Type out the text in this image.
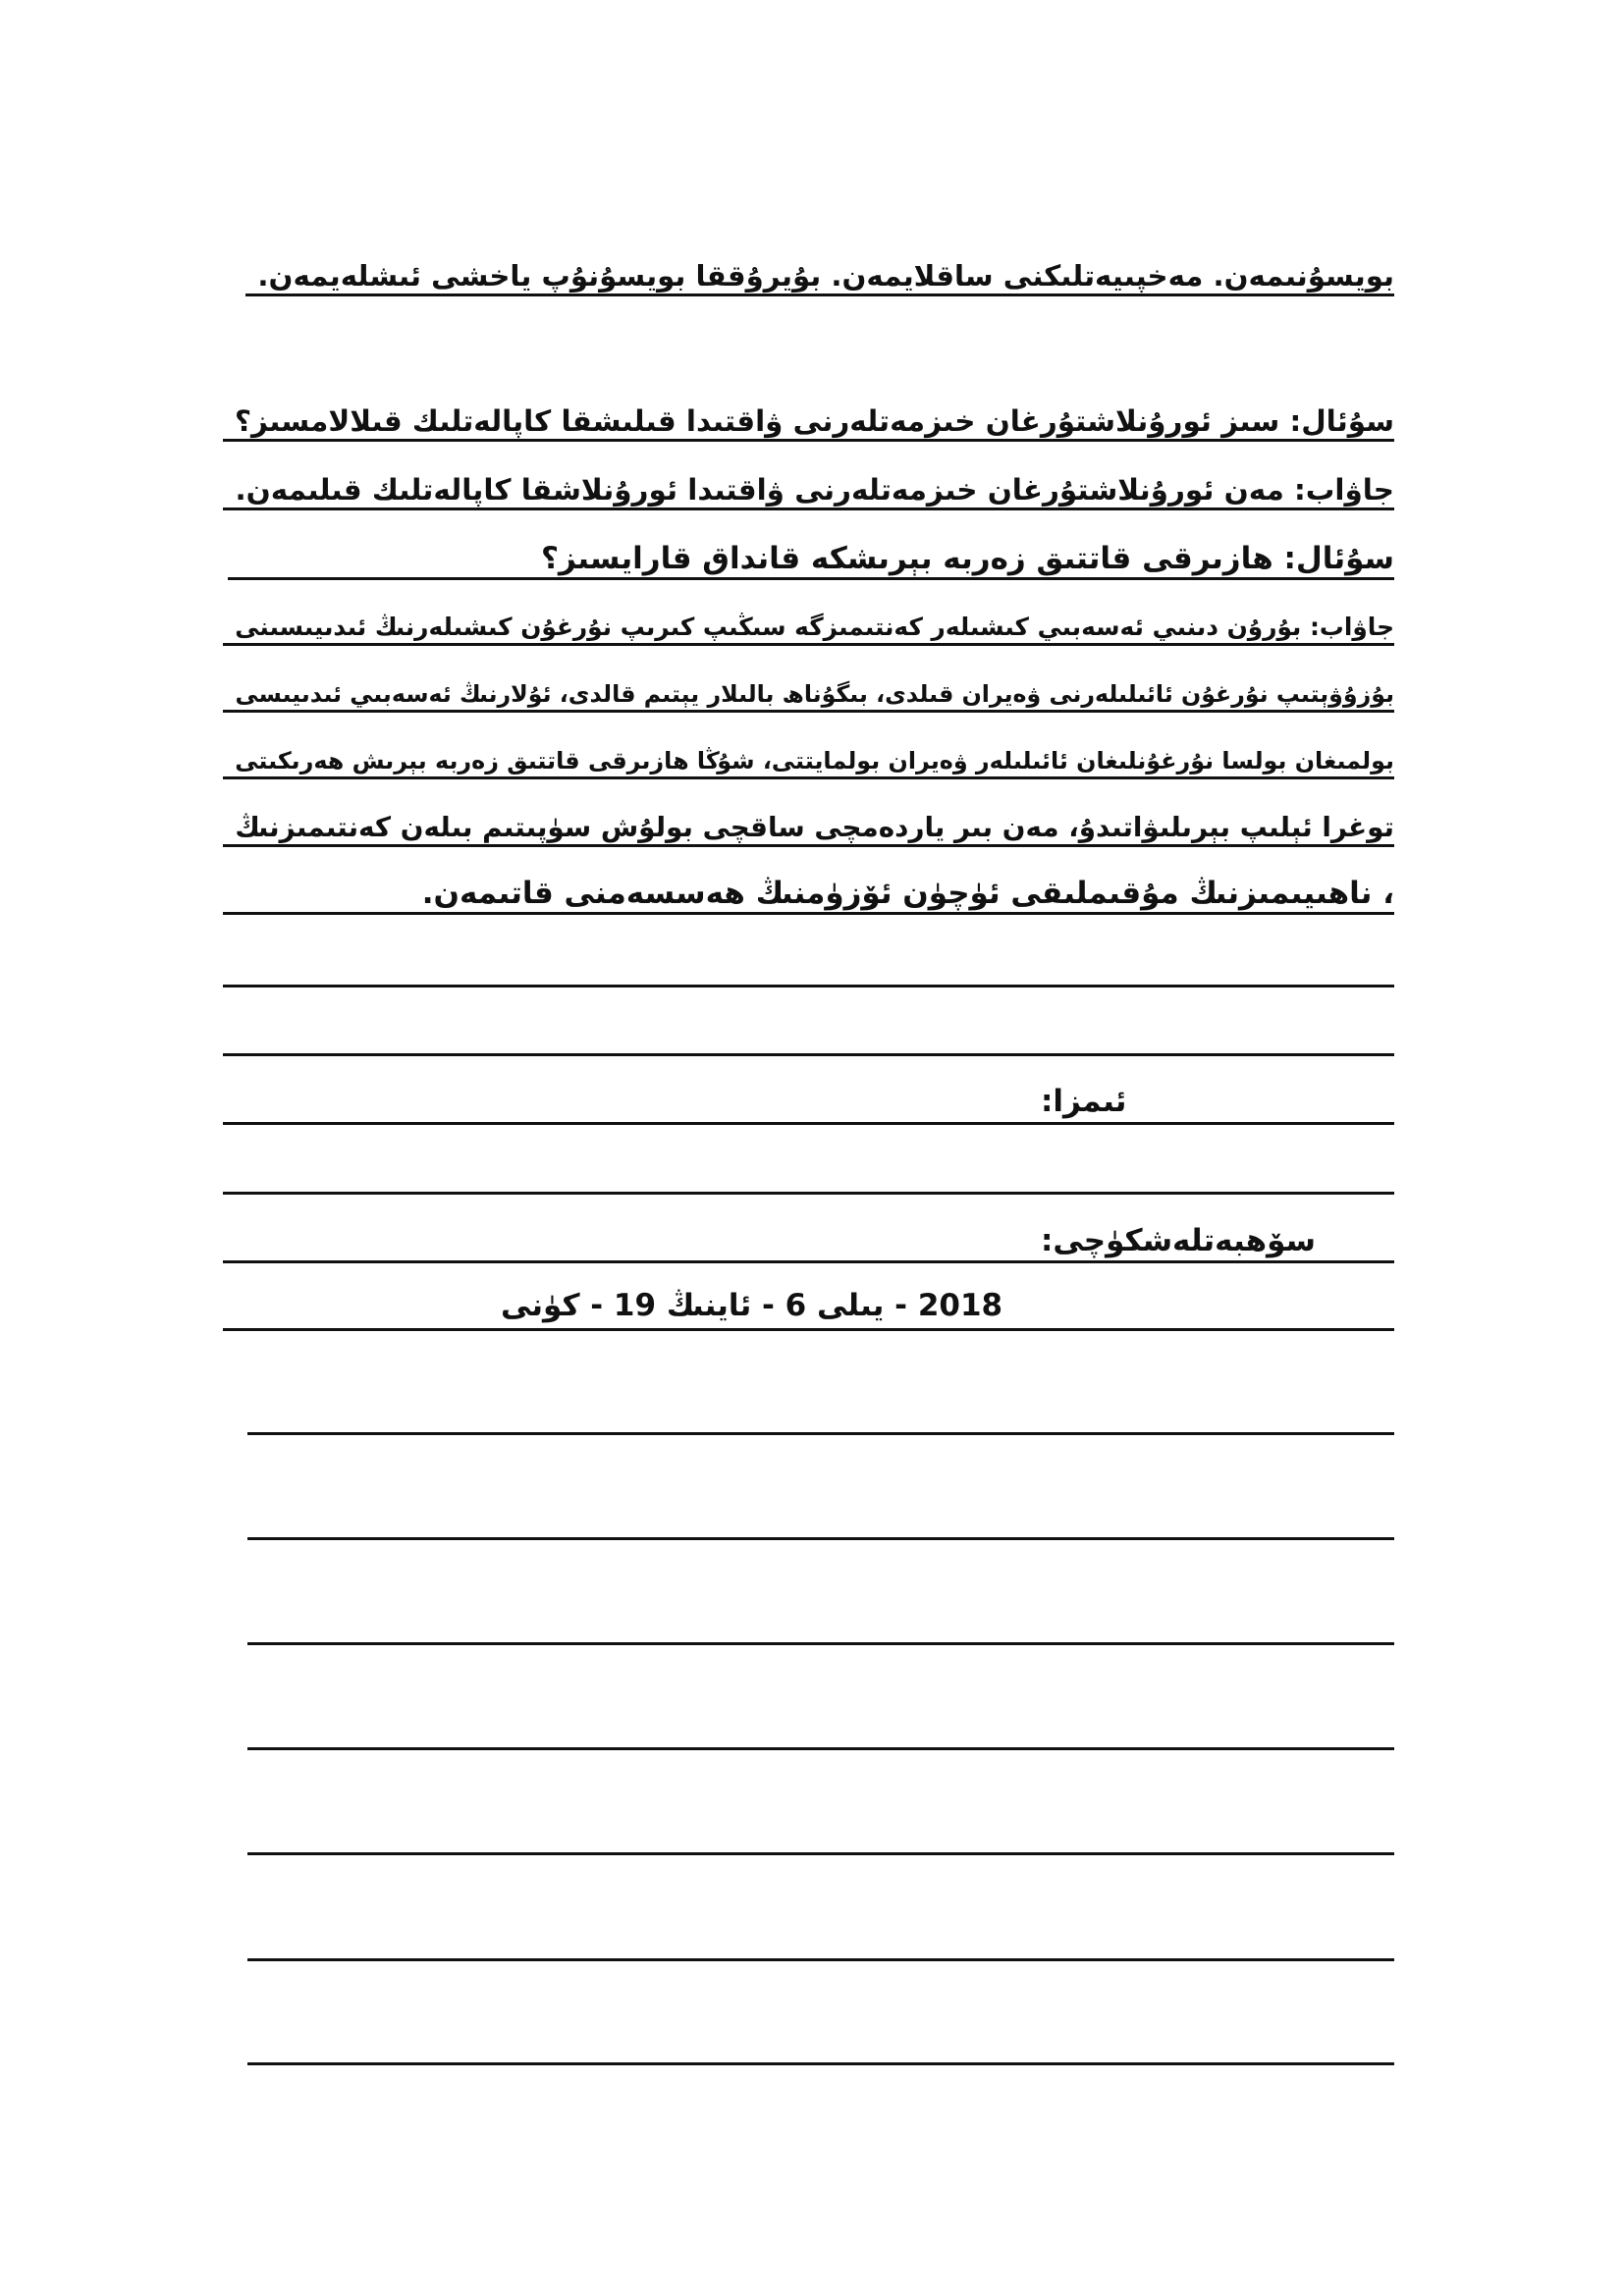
بويسۇنىمەن. مەخپىيەتلىكنى ساقلايمەن. بۇيرۇققا بويسۇنۇپ ياخشى ئىشلەيمەن.
سۇئال: سىز ئورۇنلاشتۇرغان خىزمەتلەرنى ۋاقتىدا قىلىشقا كاپالەتلىك قىلالامسىز؟
جاۋاب: مەن ئورۇنلاشتۇرغان خىزمەتلەرنى ۋاقتىدا ئورۇنلاشقا كاپالەتلىك قىلىمەن.
سۇئال: ھازىرقى قاتتىق زەربە بېرىشكە قانداق قارايسىز؟
جاۋاب: بۇرۇن دىنىي ئەسەبىي كىشىلەر كەنتىمىزگە سىڭىپ كىرىپ نۇرغۇن كىشىلەرنىڭ ئىدىيىسىنى
بۇزۇۋېتىپ نۇرغۇن ئائىلىلەرنى ۋەيران قىلدى، بىگۇناھ بالىلار يېتىم قالدى، ئۇلارنىڭ ئەسەبىي ئىدىيىسى
بولمىغان بولسا نۇرغۇنلىغان ئائىلىلەر ۋەيران بولمايتتى، شۇڭا ھازىرقى قاتتىق زەربە بېرىش ھەرىكىتى
توغرا ئېلىپ بېرىلىۋاتىدۇ، مەن بىر ياردەمچى ساقچى بولۇش سۈپىتىم بىلەن كەنتىمىزنىڭ
، ناھىيىمىزنىڭ مۇقىملىقى ئۈچۈن ئۆزۈمنىڭ ھەسسەمنى قاتىمەن.
ئىمزا:
سۆھبەتلەشكۈچى:
2018 - يىلى 6 - ئاينىڭ 19 - كۈنى
